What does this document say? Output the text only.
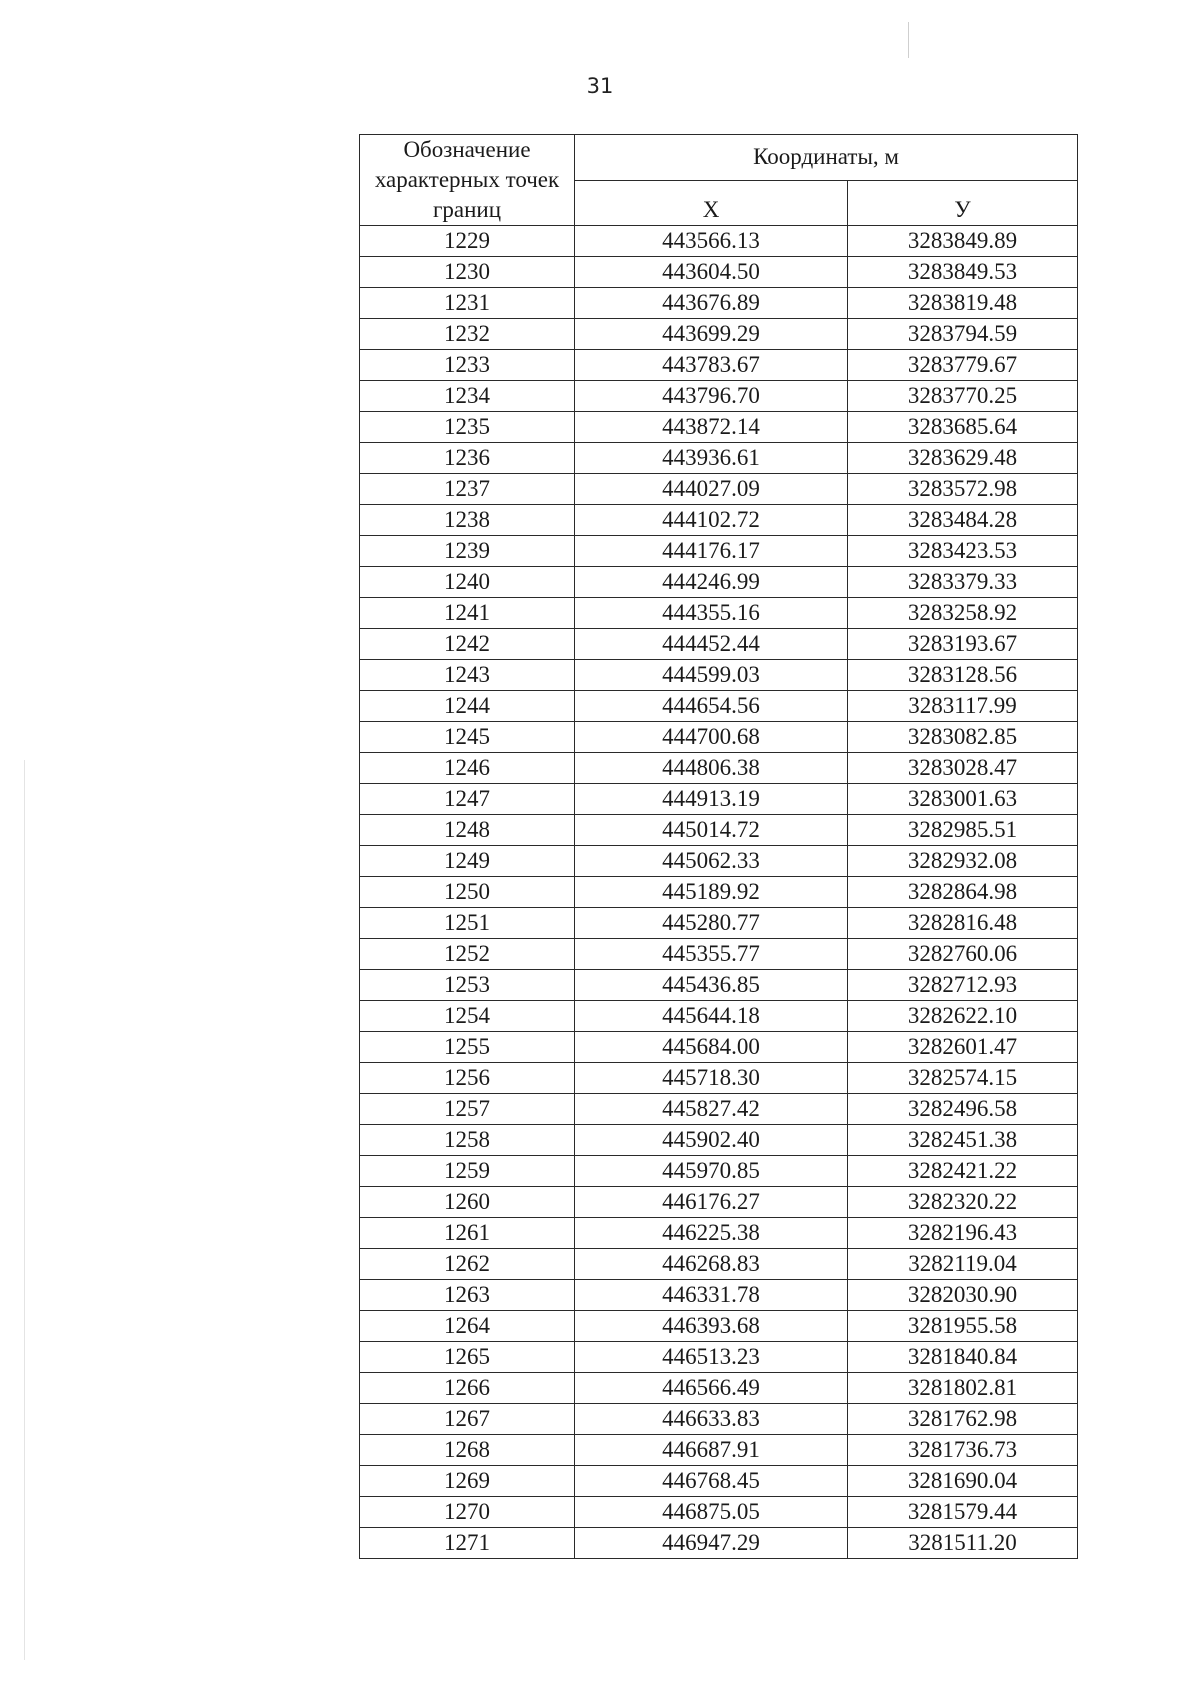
31
Обозначение характерных точек границ	Координаты, м	
	Х	У
1229	443566.13	3283849.89
1230	443604.50	3283849.53
1231	443676.89	3283819.48
1232	443699.29	3283794.59
1233	443783.67	3283779.67
1234	443796.70	3283770.25
1235	443872.14	3283685.64
1236	443936.61	3283629.48
1237	444027.09	3283572.98
1238	444102.72	3283484.28
1239	444176.17	3283423.53
1240	444246.99	3283379.33
1241	444355.16	3283258.92
1242	444452.44	3283193.67
1243	444599.03	3283128.56
1244	444654.56	3283117.99
1245	444700.68	3283082.85
1246	444806.38	3283028.47
1247	444913.19	3283001.63
1248	445014.72	3282985.51
1249	445062.33	3282932.08
1250	445189.92	3282864.98
1251	445280.77	3282816.48
1252	445355.77	3282760.06
1253	445436.85	3282712.93
1254	445644.18	3282622.10
1255	445684.00	3282601.47
1256	445718.30	3282574.15
1257	445827.42	3282496.58
1258	445902.40	3282451.38
1259	445970.85	3282421.22
1260	446176.27	3282320.22
1261	446225.38	3282196.43
1262	446268.83	3282119.04
1263	446331.78	3282030.90
1264	446393.68	3281955.58
1265	446513.23	3281840.84
1266	446566.49	3281802.81
1267	446633.83	3281762.98
1268	446687.91	3281736.73
1269	446768.45	3281690.04
1270	446875.05	3281579.44
1271	446947.29	3281511.20
